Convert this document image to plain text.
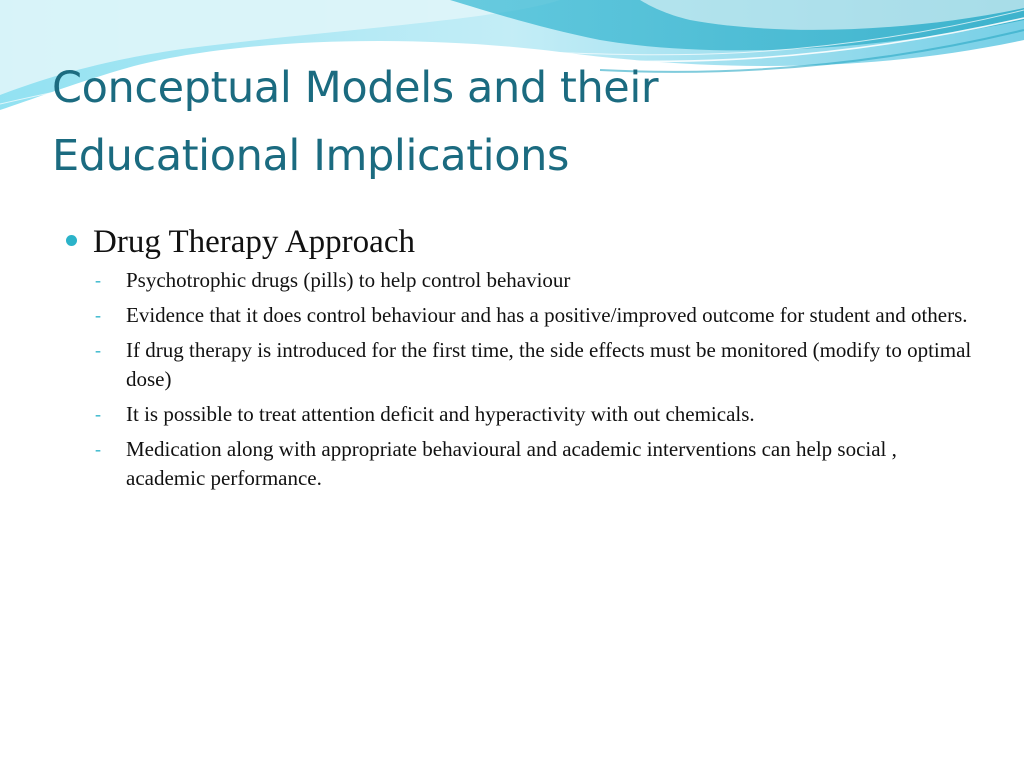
Conceptual Models and their
Educational Implications
Drug Therapy Approach
- Psychotrophic drugs (pills) to help control behaviour
- Evidence that it does control behaviour and has a positive/improved outcome for student and others.
- If drug therapy is introduced for the first time, the side effects must be monitored (modify to optimal dose)
- It is possible to treat attention deficit and hyperactivity with out chemicals.
- Medication along with appropriate behavioural and academic interventions can help social , academic performance.
